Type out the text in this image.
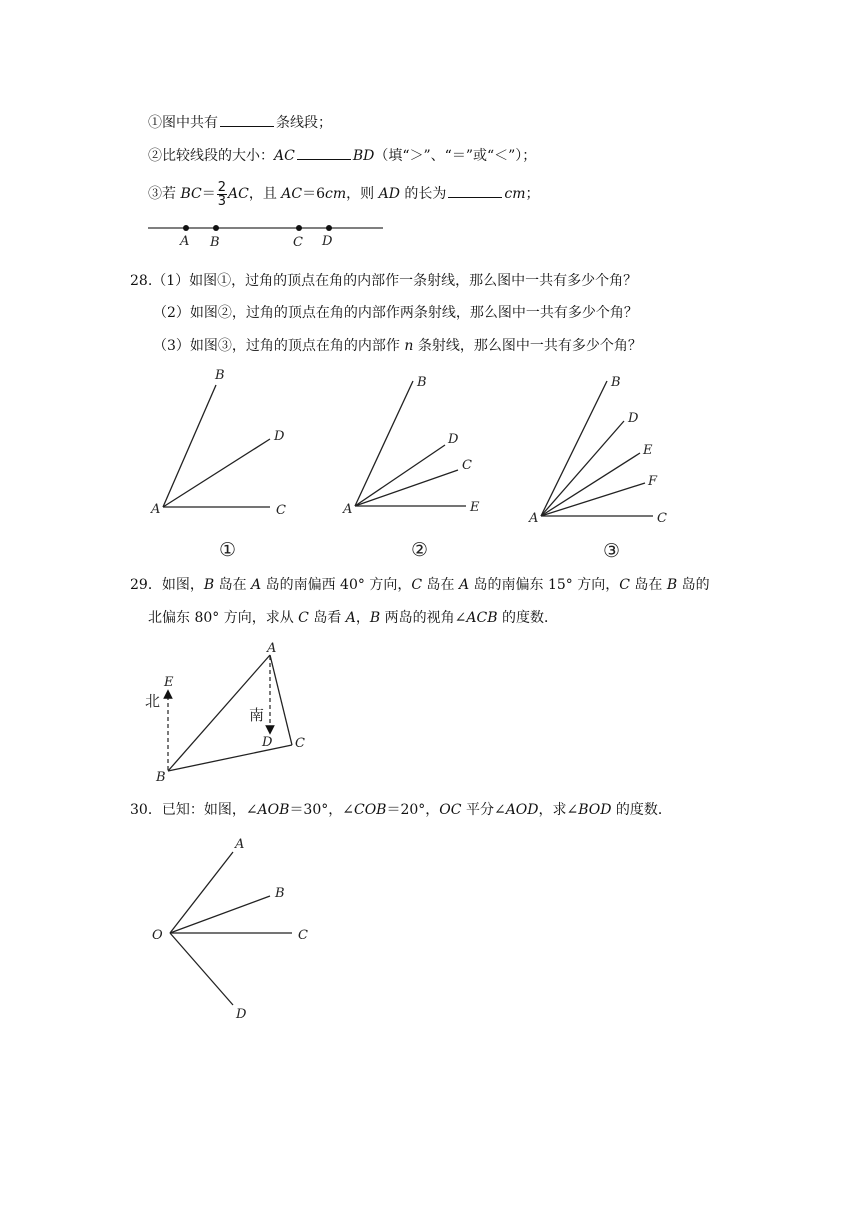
①图中共有	条线段；
②比较线段的大小：AC	BD（填“＞”、“＝”或“＜”）；
③若 $BC= \frac{2}{3}$ AC，且 AC＝6cm，则 AD 的长为	cm；
A B	C D
28.（1）如图①，过角的顶点在角的内部作一条射线，那么图中一共有多少个角？
（2）如图②，过角的顶点在角的内部作两条射线，那么图中一共有多少个角？
（3）如图③，过角的顶点在角的内部作 n 条射线，那么图中一共有多少个角？
B
D
A	C
①
B
D
C
A	E
②
B
D
E
F
A	C
③
29．如图，B 岛在 A 岛的南偏西 40° 方向，C 岛在 A 岛的南偏东 15° 方向，C 岛在 B 岛的
北偏东 80° 方向，求从 C 岛看 A，B 两岛的视角∠ACB 的度数．
A
E
B
D C
北
南
30．已知：如图，∠AOB＝30°，∠COB＝20°，OC 平分∠AOD，求∠BOD 的度数．
A
B
O	C
D
